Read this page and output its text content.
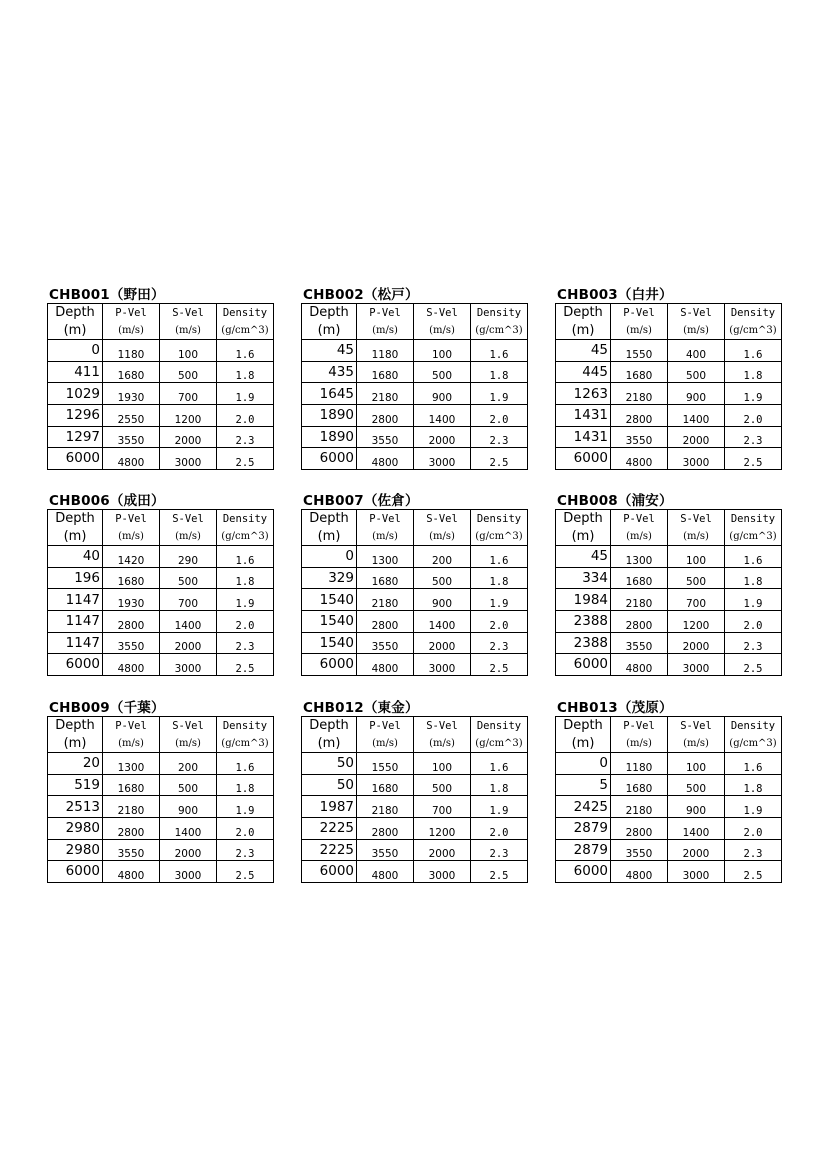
CHB001（野田）
Depth	P-Vel	S-Vel	Density
(m)	(m/s)	(m/s)	(g/cm^3)
0	1180	100	1.6
411	1680	500	1.8
1029	1930	700	1.9
1296	2550	1200	2.0
1297	3550	2000	2.3
6000	4800	3000	2.5
CHB002（松戸）
Depth	P-Vel	S-Vel	Density
(m)	(m/s)	(m/s)	(g/cm^3)
45	1180	100	1.6
435	1680	500	1.8
1645	2180	900	1.9
1890	2800	1400	2.0
1890	3550	2000	2.3
6000	4800	3000	2.5
CHB003（白井）
Depth	P-Vel	S-Vel	Density
(m)	(m/s)	(m/s)	(g/cm^3)
45	1550	400	1.6
445	1680	500	1.8
1263	2180	900	1.9
1431	2800	1400	2.0
1431	3550	2000	2.3
6000	4800	3000	2.5
CHB006（成田）
Depth	P-Vel	S-Vel	Density
(m)	(m/s)	(m/s)	(g/cm^3)
40	1420	290	1.6
196	1680	500	1.8
1147	1930	700	1.9
1147	2800	1400	2.0
1147	3550	2000	2.3
6000	4800	3000	2.5
CHB007（佐倉）
Depth	P-Vel	S-Vel	Density
(m)	(m/s)	(m/s)	(g/cm^3)
0	1300	200	1.6
329	1680	500	1.8
1540	2180	900	1.9
1540	2800	1400	2.0
1540	3550	2000	2.3
6000	4800	3000	2.5
CHB008（浦安）
Depth	P-Vel	S-Vel	Density
(m)	(m/s)	(m/s)	(g/cm^3)
45	1300	100	1.6
334	1680	500	1.8
1984	2180	700	1.9
2388	2800	1200	2.0
2388	3550	2000	2.3
6000	4800	3000	2.5
CHB009（千葉）
Depth	P-Vel	S-Vel	Density
(m)	(m/s)	(m/s)	(g/cm^3)
20	1300	200	1.6
519	1680	500	1.8
2513	2180	900	1.9
2980	2800	1400	2.0
2980	3550	2000	2.3
6000	4800	3000	2.5
CHB012（東金）
Depth	P-Vel	S-Vel	Density
(m)	(m/s)	(m/s)	(g/cm^3)
50	1550	100	1.6
50	1680	500	1.8
1987	2180	700	1.9
2225	2800	1200	2.0
2225	3550	2000	2.3
6000	4800	3000	2.5
CHB013（茂原）
Depth	P-Vel	S-Vel	Density
(m)	(m/s)	(m/s)	(g/cm^3)
0	1180	100	1.6
5	1680	500	1.8
2425	2180	900	1.9
2879	2800	1400	2.0
2879	3550	2000	2.3
6000	4800	3000	2.5
